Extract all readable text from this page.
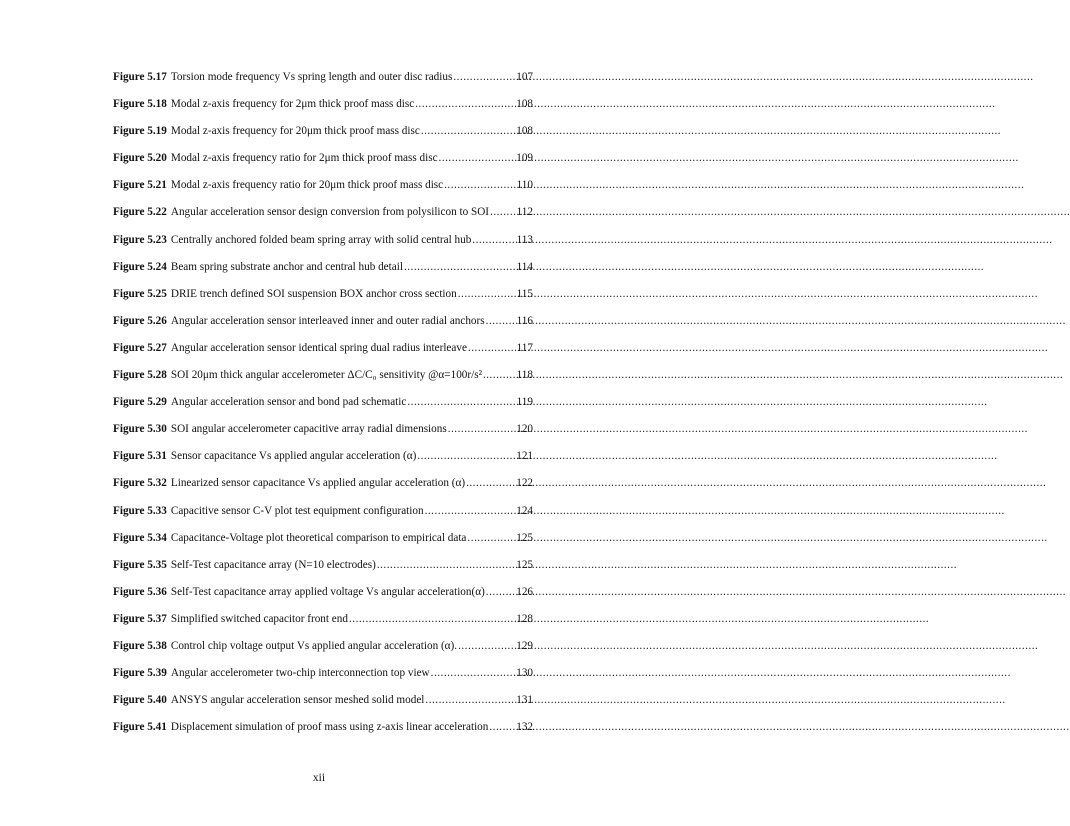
Figure 5.17 Torsion mode frequency Vs spring length and outer disc radius .....	107
Figure 5.18 Modal z-axis frequency for 2μm thick proof mass disc .....	108
Figure 5.19 Modal z-axis frequency for 20μm thick proof mass disc .....	108
Figure 5.20 Modal z-axis frequency ratio for 2μm thick proof mass disc .....	109
Figure 5.21 Modal z-axis frequency ratio for 20μm thick proof mass disc .....	110
Figure 5.22 Angular acceleration sensor design conversion from polysilicon to SOI ..... 112
Figure 5.23 Centrally anchored folded beam spring array with solid central hub .....	113
Figure 5.24 Beam spring substrate anchor and central hub detail .....	114
Figure 5.25 DRIE trench defined SOI suspension BOX anchor cross section .....	115
Figure 5.26 Angular acceleration sensor interleaved inner and outer radial anchors .....	116
Figure 5.27 Angular acceleration sensor identical spring dual radius interleave .....	117
Figure 5.28 SOI 20μm thick angular accelerometer ΔC/C₀ sensitivity @α=100r/s² .....	118
Figure 5.29 Angular acceleration sensor and bond pad schematic .....	119
Figure 5.30 SOI angular accelerometer capacitive array radial dimensions .....	120
Figure 5.31 Sensor capacitance Vs applied angular acceleration (α) .....	121
Figure 5.32 Linearized sensor capacitance Vs applied angular acceleration (α) .....	122
Figure 5.33 Capacitive sensor C-V plot test equipment configuration .....	124
Figure 5.34 Capacitance-Voltage plot theoretical comparison to empirical data .....	125
Figure 5.35 Self-Test capacitance array (N=10 electrodes) .....	125
Figure 5.36 Self-Test capacitance array applied voltage Vs angular acceleration(α) .....	126
Figure 5.37 Simplified switched capacitor front end .....	128
Figure 5.38 Control chip voltage output Vs applied angular acceleration (α). .....	129
Figure 5.39 Angular accelerometer two-chip interconnection top view .....	130
Figure 5.40 ANSYS angular acceleration sensor meshed solid model .....	131
Figure 5.41 Displacement simulation of proof mass using z-axis linear acceleration ..... 132
xii
